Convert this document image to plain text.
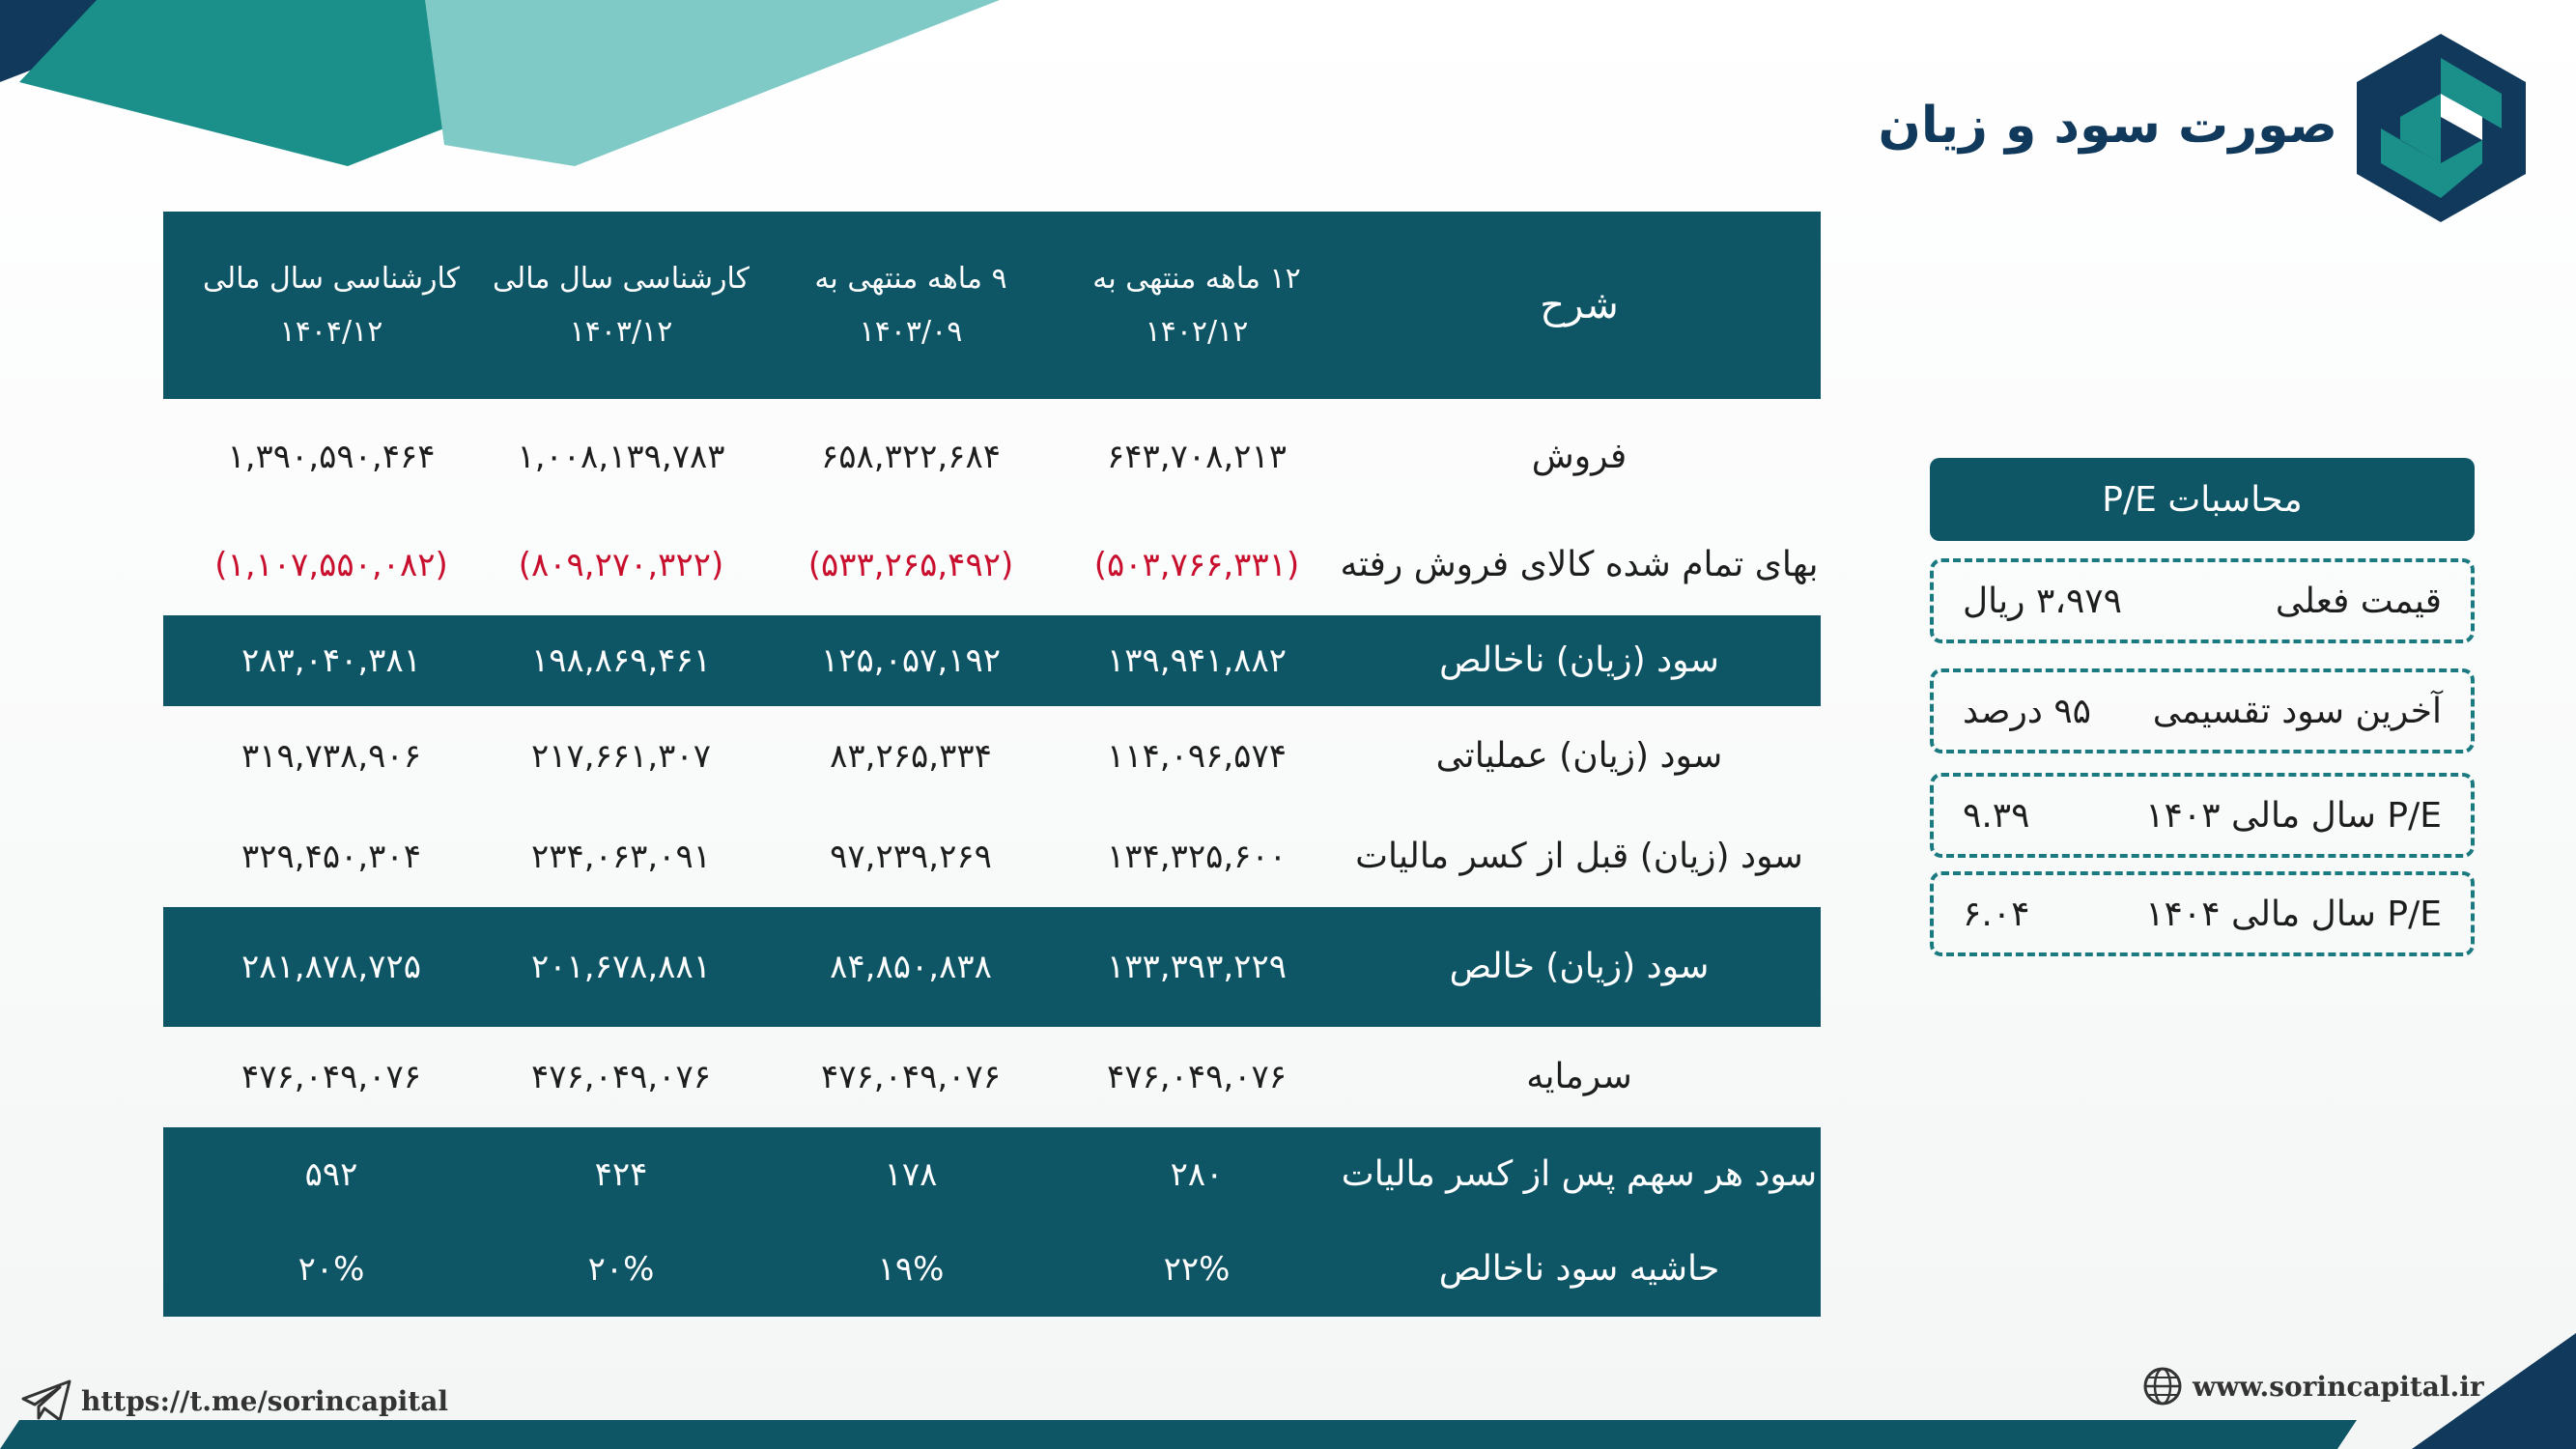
صورت سود و زیان
شرح
۱۲ ماهه منتهی به
۱۴۰۲/۱۲
۹ ماهه منتهی به
۱۴۰۳/۰۹
کارشناسی سال مالی
۱۴۰۳/۱۲
کارشناسی سال مالی
۱۴۰۴/۱۲
فروش
۶۴۳,۷۰۸,۲۱۳
۶۵۸,۳۲۲,۶۸۴
۱,۰۰۸,۱۳۹,۷۸۳
۱,۳۹۰,۵۹۰,۴۶۴
بهای تمام شده کالای فروش رفته
(۵۰۳,۷۶۶,۳۳۱)
(۵۳۳,۲۶۵,۴۹۲)
(۸۰۹,۲۷۰,۳۲۲)
(۱,۱۰۷,۵۵۰,۰۸۲)
سود (زیان) ناخالص
۱۳۹,۹۴۱,۸۸۲
۱۲۵,۰۵۷,۱۹۲
۱۹۸,۸۶۹,۴۶۱
۲۸۳,۰۴۰,۳۸۱
سود (زیان) عملیاتی
۱۱۴,۰۹۶,۵۷۴
۸۳,۲۶۵,۳۳۴
۲۱۷,۶۶۱,۳۰۷
۳۱۹,۷۳۸,۹۰۶
سود (زیان) قبل از کسر مالیات
۱۳۴,۳۲۵,۶۰۰
۹۷,۲۳۹,۲۶۹
۲۳۴,۰۶۳,۰۹۱
۳۲۹,۴۵۰,۳۰۴
سود (زیان) خالص
۱۳۳,۳۹۳,۲۲۹
۸۴,۸۵۰,۸۳۸
۲۰۱,۶۷۸,۸۸۱
۲۸۱,۸۷۸,۷۲۵
سرمایه
۴۷۶,۰۴۹,۰۷۶
۴۷۶,۰۴۹,۰۷۶
۴۷۶,۰۴۹,۰۷۶
۴۷۶,۰۴۹,۰۷۶
سود هر سهم پس از کسر مالیات
۲۸۰
۱۷۸
۴۲۴
۵۹۲
حاشیه سود ناخالص
۲۲%
۱۹%
۲۰%
۲۰%
محاسبات P/E
قیمت فعلی
۳،۹۷۹ ریال
آخرین سود تقسیمی
۹۵ درصد
P/E سال مالی ۱۴۰۳
۹.۳۹
P/E سال مالی ۱۴۰۴
۶.۰۴
https://t.me/sorincapital	www.sorincapital.ir
